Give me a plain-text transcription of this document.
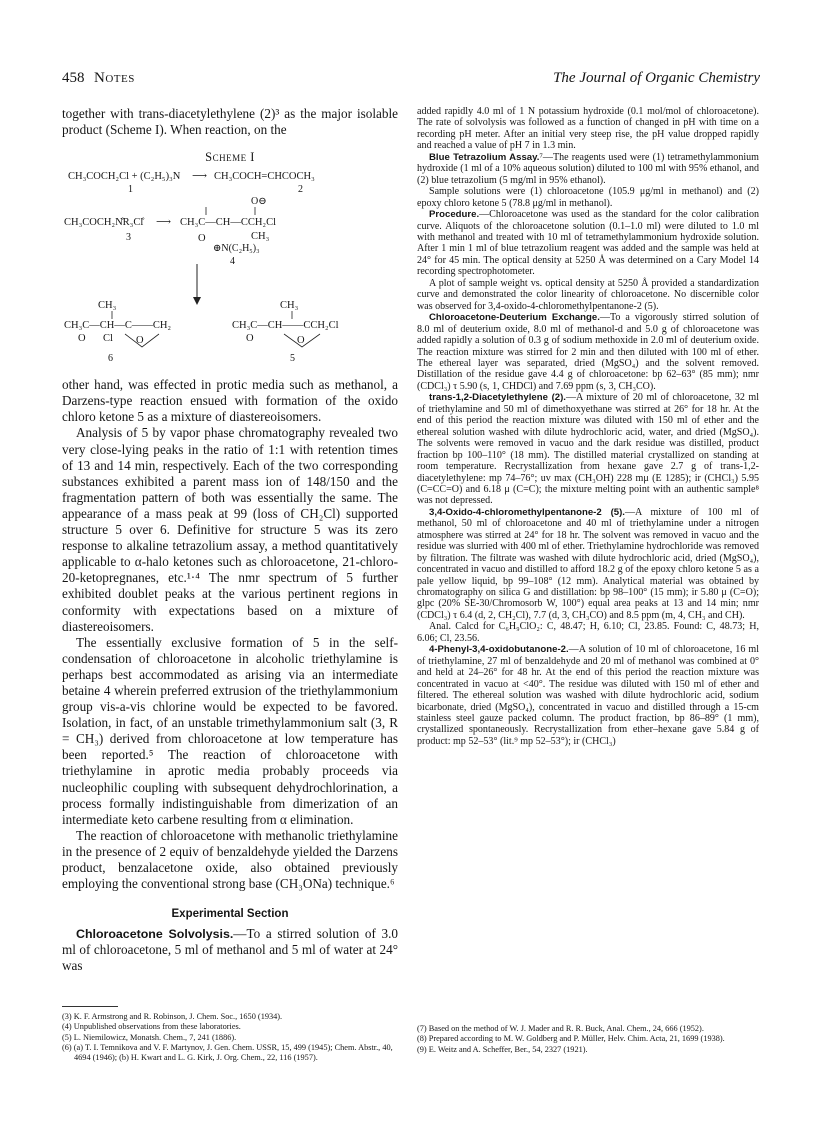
458 Notes	The Journal of Organic Chemistry

together with trans-diacetylethylene (2)³ as the major isolable product (Scheme I). When reaction, on the

Scheme I
CH₃COCH₂Cl + (C₂H₅)₃N ⟶ CH₃COCH=CHCOCH₃
1	2
O⊖
CH₃COCH₂N̊R₃Cl̊ ⟶ CH₃C—CH—CCH₂Cl
O	CH₃
⊕N(C₂H₅)₃
3
4
CH₃
CH₃C—CH—C——CH₂
O Cl O
6
CH₃
CH₃C—CH——CCH₂Cl
O	O
5

other hand, was effected in protic media such as methanol, a Darzens-type reaction ensued with formation of the oxido chloro ketone 5 as a mixture of diastereoisomers.

Analysis of 5 by vapor phase chromatography revealed two very close-lying peaks in the ratio of 1:1 with retention times of 13 and 14 min, respectively. Each of the two corresponding substances exhibited a parent mass ion of 148/150 and the fragmentation pattern of both was essentially the same. The appearance of a mass peak at 99 (loss of CH₂Cl) supported structure 5 over 6. Definitive for structure 5 was its zero response to alkaline tetrazolium assay, a method quantitatively applicable to α-halo ketones such as chloroacetone, 21-chloro-20-ketopregnanes, etc.¹·⁴ The nmr spectrum of 5 further exhibited doublet peaks at the various pertinent regions in conformity with expectations based on a mixture of diastereoisomers.

The essentially exclusive formation of 5 in the self-condensation of chloroacetone in alcoholic triethylamine is perhaps best accommodated as arising via an intermediate betaine 4 wherein preferred extrusion of the triethylammonium group vis-a-vis chlorine would be expected to be favored. Isolation, in fact, of an unstable trimethylammonium salt (3, R = CH₃) derived from chloroacetone at low temperature has been reported.⁵ The reaction of chloroacetone with triethylamine in aprotic media probably proceeds via nucleophilic coupling with subsequent dehydrochlorination, a process formally indistinguishable from dimerization of an intermediate keto carbene resulting from α elimination.

The reaction of chloroacetone with methanolic triethylamine in the presence of 2 equiv of benzaldehyde yielded the Darzens product, benzalacetone oxide, also obtained previously employing the conventional strong base (CH₃ONa) technique.⁶

Experimental Section

Chloroacetone Solvolysis.—To a stirred solution of 3.0 ml of chloroacetone, 5 ml of methanol and 5 ml of water at 24° was

added rapidly 4.0 ml of 1 N potassium hydroxide (0.1 mol/mol of chloroacetone). The rate of solvolysis was followed as a function of changed in pH with time on a recording pH meter. After an initial very steep rise, the pH value dropped rapidly and reached a value of pH 7 in 1.3 min.

Blue Tetrazolium Assay.⁷—The reagents used were (1) tetramethylammonium hydroxide (1 ml of a 10% aqueous solution) diluted to 100 ml with 95% ethanol, and (2) blue tetrazolium (5 mg/ml in 95% ethanol).

Sample solutions were (1) chloroacetone (105.9 μg/ml in methanol) and (2) epoxy chloro ketone 5 (78.8 μg/ml in methanol).

Procedure.—Chloroacetone was used as the standard for the color calibration curve. Aliquots of the chloroacetone solution (0.1–1.0 ml) were diluted to 1.0 ml with methanol and treated with 10 ml of tetramethylammonium hydroxide solution. After 1 min 1 ml of blue tetrazolium reagent was added and the sample was held at 24° for 45 min. The optical density at 5250 Å was determined on a Cary Model 14 recording spectrophotometer.

A plot of sample weight vs. optical density at 5250 Å provided a standardization curve and demonstrated the color linearity of chloroacetone. No discernible color was observed for 3,4-oxido-4-chloromethylpentanone-2 (5).

Chloroacetone-Deuterium Exchange.—To a vigorously stirred solution of 8.0 ml of deuterium oxide, 8.0 ml of methanol-d and 5.0 g of chloroacetone was added rapidly a solution of 0.3 g of sodium methoxide in 2.0 ml of deuterium oxide. The reaction mixture was stirred for 2 min and then diluted with 100 ml of ether. The ethereal layer was separated, dried (MgSO₄) and the solvent removed. Distillation of the residue gave 4.4 g of chloroacetone: bp 62–63° (85 mm); nmr (CDCl₃) τ 5.90 (s, 1, CHDCl) and 7.69 ppm (s, 3, CH₃CO).

trans-1,2-Diacetylethylene (2).—A mixture of 20 ml of chloroacetone, 32 ml of triethylamine and 50 ml of dimethoxyethane was stirred at 26° for 18 hr. At the end of this period the reaction mixture was diluted with 150 ml of ether and the ethereal solution washed with dilute hydrochloric acid, water, and dried (MgSO₄). The solvents were removed in vacuo and the dark residue was distilled, product fraction bp 100–110° (18 mm). The distilled material crystallized on standing at room temperature. Recrystallization from hexane gave 2.7 g of trans-1,2-diacetylethylene: mp 74–76°; uv max (CH₃OH) 228 mμ (E 1285); ir (CHCl₃) 5.95 (C=CC=O) and 6.18 μ (C=C); the mixture melting point with an authentic sample⁸ was not depressed.

3,4-Oxido-4-chloromethylpentanone-2 (5).—A mixture of 100 ml of methanol, 50 ml of chloroacetone and 40 ml of triethylamine under a nitrogen atmosphere was stirred at 24° for 18 hr. The solvent was removed in vacuo and the residue was slurried with 400 ml of ether. Triethylamine hydrochloride was removed by filtration. The filtrate was washed with dilute hydrochloric acid, dried (MgSO₄), concentrated in vacuo and distilled to afford 18.2 g of the epoxy chloro ketone 5 as a pale yellow liquid, bp 99–108° (12 mm). Analytical material was obtained by chromatography on silica G and distillation: bp 98–100° (15 mm); ir 5.80 μ (C=O); glpc (20% SE-30/Chromosorb W, 100°) equal area peaks at 13 and 14 min; nmr (CDCl₃) τ 6.4 (d, 2, CH₂Cl), 7.7 (d, 3, CH₃CO) and 8.5 ppm (m, 4, CH₃ and CH).

Anal. Calcd for C₆H₉ClO₂: C, 48.47; H, 6.10; Cl, 23.85. Found: C, 48.73; H, 6.06; Cl, 23.56.

4-Phenyl-3,4-oxidobutanone-2.—A solution of 10 ml of chloroacetone, 16 ml of triethylamine, 27 ml of benzaldehyde and 20 ml of methanol was combined at 0° and held at 24–26° for 48 hr. At the end of this period the reaction mixture was concentrated in vacuo at <40°. The residue was diluted with 150 ml of ether and filtered. The ethereal solution was washed with dilute hydrochloric acid, sodium bicarbonate, dried (MgSO₄), concentrated in vacuo and distilled through a 15-cm stainless steel gauze packed column. The product fraction, bp 86–89° (1 mm), crystallized spontaneously. Recrystallization from ether–hexane gave 5.84 g of product: mp 52–53° (lit.⁹ mp 52–53°); ir (CHCl₃)

(3) K. F. Armstrong and R. Robinson, J. Chem. Soc., 1650 (1934).

(4) Unpublished observations from these laboratories.

(5) L. Niemilowicz, Monatsh. Chem., 7, 241 (1886).

(6) (a) T. I. Temnikova and V. F. Martynov, J. Gen. Chem. USSR, 15, 499 (1945); Chem. Abstr., 40, 4694 (1946); (b) H. Kwart and L. G. Kirk, J. Org. Chem., 22, 116 (1957).

(7) Based on the method of W. J. Mader and R. R. Buck, Anal. Chem., 24, 666 (1952).

(8) Prepared according to M. W. Goldberg and P. Müller, Helv. Chim. Acta, 21, 1699 (1938).

(9) E. Weitz and A. Scheffer, Ber., 54, 2327 (1921).
